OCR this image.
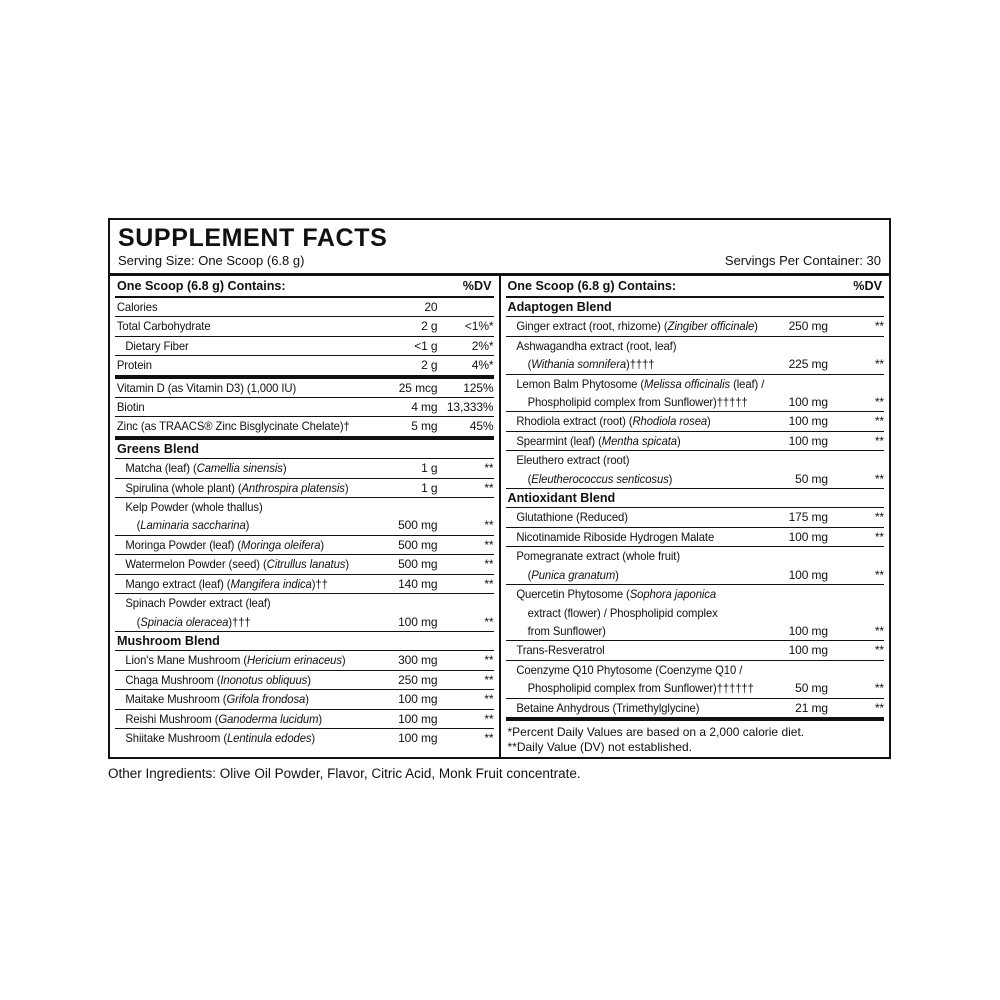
SUPPLEMENT FACTS
Serving Size: One Scoop (6.8 g)	Servings Per Container: 30
One Scoop (6.8 g) Contains:	%DV
Calories	20
Total Carbohydrate	2 g	<1%*
Dietary Fiber	<1 g	2%*
Protein	2 g	4%*
Vitamin D (as Vitamin D3) (1,000 IU)	25 mcg	125%
Biotin	4 mg 13,333%
Zinc (as TRAACS® Zinc Bisglycinate Chelate)†	5 mg	45%
Greens Blend
Matcha (leaf) (Camellia sinensis)	1 g	**
Spirulina (whole plant) (Anthrospira platensis)	1 g	**
Kelp Powder (whole thallus)
(Laminaria saccharina)	500 mg	**
Moringa Powder (leaf) (Moringa oleifera)	500 mg	**
Watermelon Powder (seed) (Citrullus lanatus)	500 mg	**
Mango extract (leaf) (Mangifera indica)††	140 mg	**
Spinach Powder extract (leaf)
(Spinacia oleracea)†††	100 mg	**
Mushroom Blend
Lion's Mane Mushroom (Hericium erinaceus)	300 mg	**
Chaga Mushroom (Inonotus obliquus)	250 mg	**
Maitake Mushroom (Grifola frondosa)	100 mg	**
Reishi Mushroom (Ganoderma lucidum)	100 mg	**
Shiitake Mushroom (Lentinula edodes)	100 mg	**
One Scoop (6.8 g) Contains:	%DV
Adaptogen Blend
Ginger extract (root, rhizome) (Zingiber officinale)	250 mg	**
Ashwagandha extract (root, leaf)
(Withania somnifera)††††	225 mg	**
Lemon Balm Phytosome (Melissa officinalis (leaf) /
Phospholipid complex from Sunflower)†††††	100 mg	**
Rhodiola extract (root) (Rhodiola rosea)	100 mg	**
Spearmint (leaf) (Mentha spicata)	100 mg	**
Eleuthero extract (root)
(Eleutherococcus senticosus)	50 mg	**
Antioxidant Blend
Glutathione (Reduced)	175 mg	**
Nicotinamide Riboside Hydrogen Malate	100 mg	**
Pomegranate extract (whole fruit)
(Punica granatum)	100 mg	**
Quercetin Phytosome (Sophora japonica
extract (flower) / Phospholipid complex
from Sunflower)	100 mg	**
Trans-Resveratrol	100 mg	**
Coenzyme Q10 Phytosome (Coenzyme Q10 /
Phospholipid complex from Sunflower)††††††	50 mg	**
Betaine Anhydrous (Trimethylglycine)	21 mg	**
*Percent Daily Values are based on a 2,000 calorie diet.
**Daily Value (DV) not established.
Other Ingredients: Olive Oil Powder, Flavor, Citric Acid, Monk Fruit concentrate.
